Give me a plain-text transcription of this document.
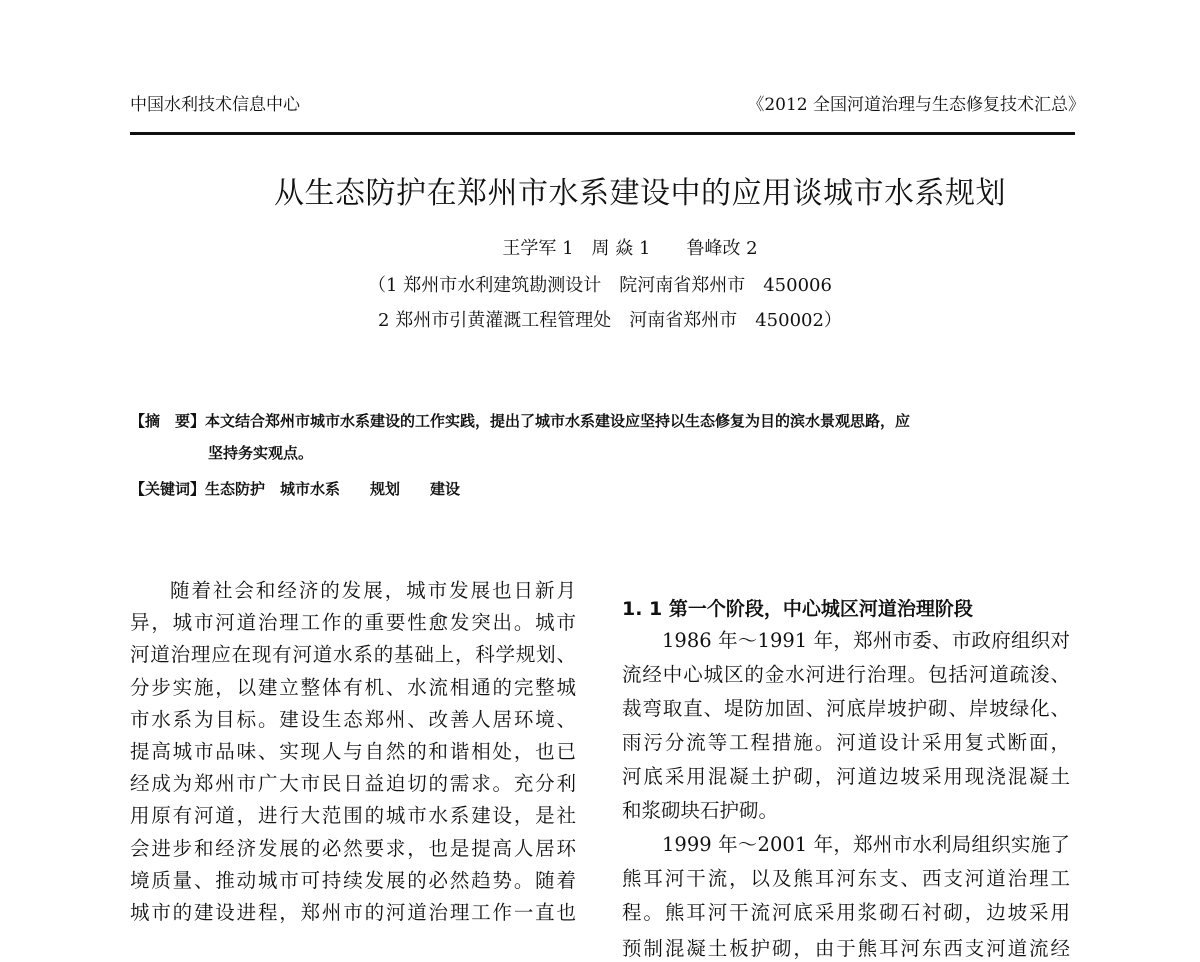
中国水利技术信息中心	《2012 全国河道治理与生态修复技术汇总》
从生态防护在郑州市水系建设中的应用谈城市水系规划
王学军 1　周 焱 1　　鲁峰改 2
（1 郑州市水利建筑勘测设计　院河南省郑州市　450006
2 郑州市引黄灌溉工程管理处　河南省郑州市　450002）
【摘　要】本文结合郑州市城市水系建设的工作实践，提出了城市水系建设应坚持以生态修复为目的滨水景观思路，应
坚持务实观点。
【关键词】生态防护　城市水系　　规划　　建设
随着社会和经济的发展，城市发展也日新月
异，城市河道治理工作的重要性愈发突出。城市
河道治理应在现有河道水系的基础上，科学规划、
分步实施，以建立整体有机、水流相通的完整城
市水系为目标。建设生态郑州、改善人居环境、
提高城市品味、实现人与自然的和谐相处，也已
经成为郑州市广大市民日益迫切的需求。充分利
用原有河道，进行大范围的城市水系建设，是社
会进步和经济发展的必然要求，也是提高人居环
境质量、推动城市可持续发展的必然趋势。随着
城市的建设进程，郑州市的河道治理工作一直也
1. 1 第一个阶段，中心城区河道治理阶段
1986 年～1991 年，郑州市委、市政府组织对
流经中心城区的金水河进行治理。包括河道疏浚、
裁弯取直、堤防加固、河底岸坡护砌、岸坡绿化、
雨污分流等工程措施。河道设计采用复式断面，
河底采用混凝土护砌，河道边坡采用现浇混凝土
和浆砌块石护砌。
1999 年～2001 年，郑州市水利局组织实施了
熊耳河干流，以及熊耳河东支、西支河道治理工
程。熊耳河干流河底采用浆砌石衬砌，边坡采用
预制混凝土板护砌，由于熊耳河东西支河道流经
